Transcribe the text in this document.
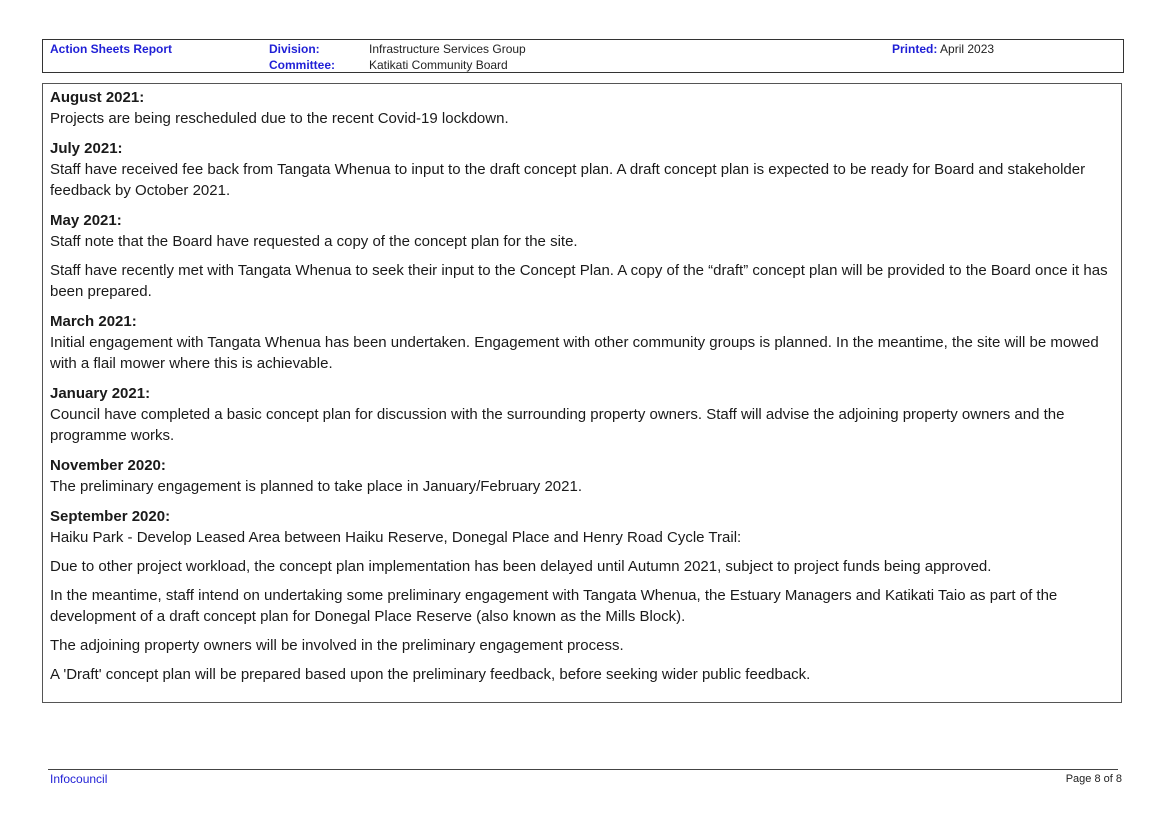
Action Sheets Report	Division:	Infrastructure Services Group
Committee:	Katikati Community Board
Printed: April 2023

August 2021:

Projects are being rescheduled due to the recent Covid-19 lockdown.

July 2021:

Staff have received fee back from Tangata Whenua to input to the draft concept plan. A draft concept plan is expected to be ready for Board and stakeholder feedback by October 2021.

May 2021:

Staff note that the Board have requested a copy of the concept plan for the site.

Staff have recently met with Tangata Whenua to seek their input to the Concept Plan. A copy of the “draft” concept plan will be provided to the Board once it has been prepared.

March 2021:

Initial engagement with Tangata Whenua has been undertaken. Engagement with other community groups is planned. In the meantime, the site will be mowed with a flail mower where this is achievable.

January 2021:

Council have completed a basic concept plan for discussion with the surrounding property owners. Staff will advise the adjoining property owners and the programme works.

November 2020:

The preliminary engagement is planned to take place in January/February 2021.

September 2020:

Haiku Park - Develop Leased Area between Haiku Reserve, Donegal Place and Henry Road Cycle Trail:

Due to other project workload, the concept plan implementation has been delayed until Autumn 2021, subject to project funds being approved.

In the meantime, staff intend on undertaking some preliminary engagement with Tangata Whenua, the Estuary Managers and Katikati Taio as part of the development of a draft concept plan for Donegal Place Reserve (also known as the Mills Block).

The adjoining property owners will be involved in the preliminary engagement process.

A 'Draft' concept plan will be prepared based upon the preliminary feedback, before seeking wider public feedback.

Infocouncil	Page 8 of 8
